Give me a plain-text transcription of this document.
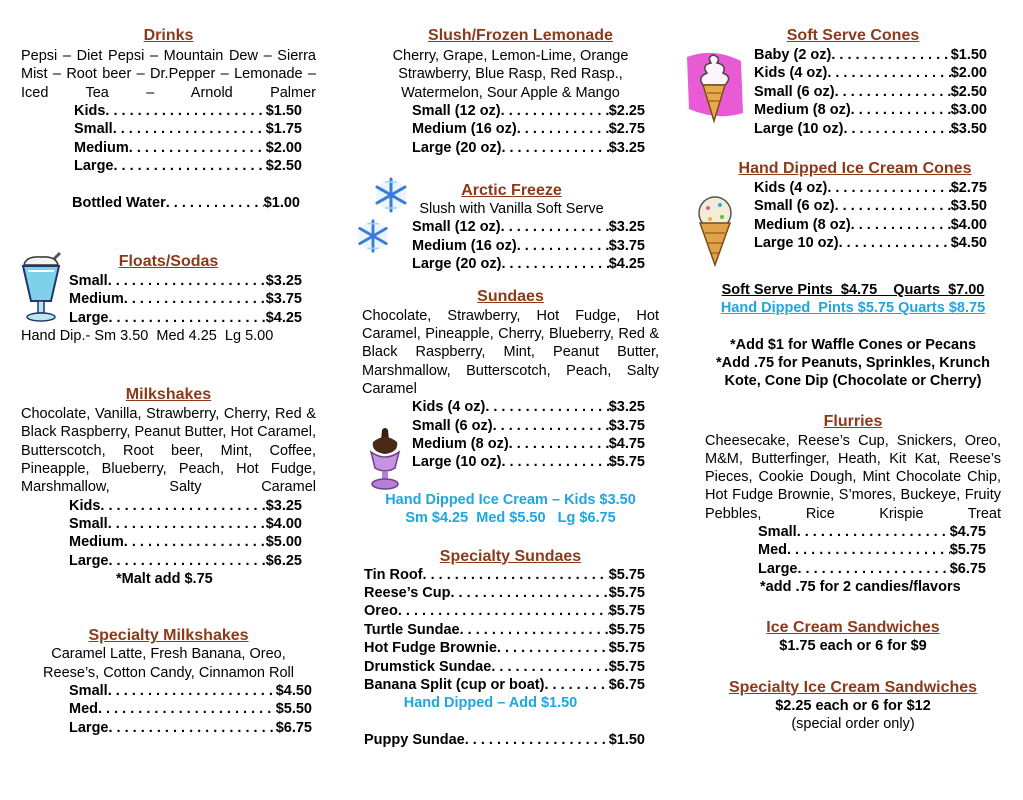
Drinks
Pepsi – Diet Pepsi – Mountain Dew – Sierra Mist – Root beer – Dr.Pepper – Lemonade – Iced Tea – Arnold Palmer
Kids . . .	$1.50
Small . . .	$1.75
Medium . . .	$2.00
Large . . .	$2.50
Bottled Water . . .	$1.00
Floats/Sodas
Small . . .	$3.25
Medium . . .	$3.75
Large . . .	$4.25
Hand Dip.- Sm 3.50  Med 4.25  Lg 5.00
Milkshakes
Chocolate, Vanilla, Strawberry, Cherry, Red & Black Raspberry, Peanut Butter, Hot Caramel, Butterscotch, Root beer, Mint, Coffee, Pineapple, Blueberry, Peach, Hot Fudge, Marshmallow, Salty Caramel
Kids . . .	$3.25
Small . . .	$4.00
Medium . . .	$5.00
Large . . .	$6.25
*Malt add $.75
Specialty Milkshakes
Caramel Latte, Fresh Banana, Oreo, Reese’s, Cotton Candy, Cinnamon Roll
Small . . .	$4.50
Med . . .	$5.50
Large . . .	$6.75
Slush/Frozen Lemonade
Cherry, Grape, Lemon-Lime, Orange Strawberry, Blue Rasp, Red Rasp., Watermelon, Sour Apple & Mango
Small (12 oz) . . .	$2.25
Medium (16 oz) . . .	$2.75
Large (20 oz) . . .	$3.25
Arctic Freeze
Slush with Vanilla Soft Serve
Small (12 oz) . . .	$3.25
Medium (16 oz) . . .	$3.75
Large (20 oz) . . .	$4.25
Sundaes
Chocolate, Strawberry, Hot Fudge, Hot Caramel, Pineapple, Cherry, Blueberry, Red & Black Raspberry, Mint, Peanut Butter, Marshmallow, Butterscotch, Peach, Salty Caramel
Kids (4 oz) . . .	$3.25
Small (6 oz) . . .	$3.75
Medium (8 oz) . . .	$4.75
Large (10 oz) . . .	$5.75
Hand Dipped Ice Cream – Kids $3.50
Sm $4.25  Med $5.50   Lg $6.75
Specialty Sundaes
Tin Roof . . .	$5.75
Reese’s Cup . . .	$5.75
Oreo . . .	$5.75
Turtle Sundae . . .	$5.75
Hot Fudge Brownie . . .	$5.75
Drumstick Sundae . . .	$5.75
Banana Split (cup or boat) . . .	$6.75
Hand Dipped – Add $1.50
Puppy Sundae . . .	$1.50
Soft Serve Cones
Baby (2 oz) . . .	$1.50
Kids (4 oz) . . .	$2.00
Small (6 oz) . . .	$2.50
Medium (8 oz) . . .	$3.00
Large (10 oz) . . .	$3.50
Hand Dipped Ice Cream Cones
Kids (4 oz) . . .	$2.75
Small (6 oz) . . .	$3.50
Medium (8 oz) . . .	$4.00
Large 10 oz) . . .	$4.50
Soft Serve Pints  $4.75    Quarts  $7.00
Hand Dipped  Pints $5.75 Quarts $8.75
*Add $1 for Waffle Cones or Pecans
*Add .75 for Peanuts, Sprinkles, Krunch Kote, Cone Dip (Chocolate or Cherry)
Flurries
Cheesecake, Reese’s Cup, Snickers, Oreo, M&M, Butterfinger, Heath, Kit Kat, Reese’s Pieces, Cookie Dough, Mint Chocolate Chip, Hot Fudge Brownie, S’mores, Buckeye, Fruity Pebbles, Rice Krispie Treat
Small . . .	$4.75
Med . . .	$5.75
Large . . .	$6.75
*add .75 for 2 candies/flavors
Ice Cream Sandwiches
$1.75 each or 6 for $9
Specialty Ice Cream Sandwiches
$2.25 each or 6 for $12
(special order only)
